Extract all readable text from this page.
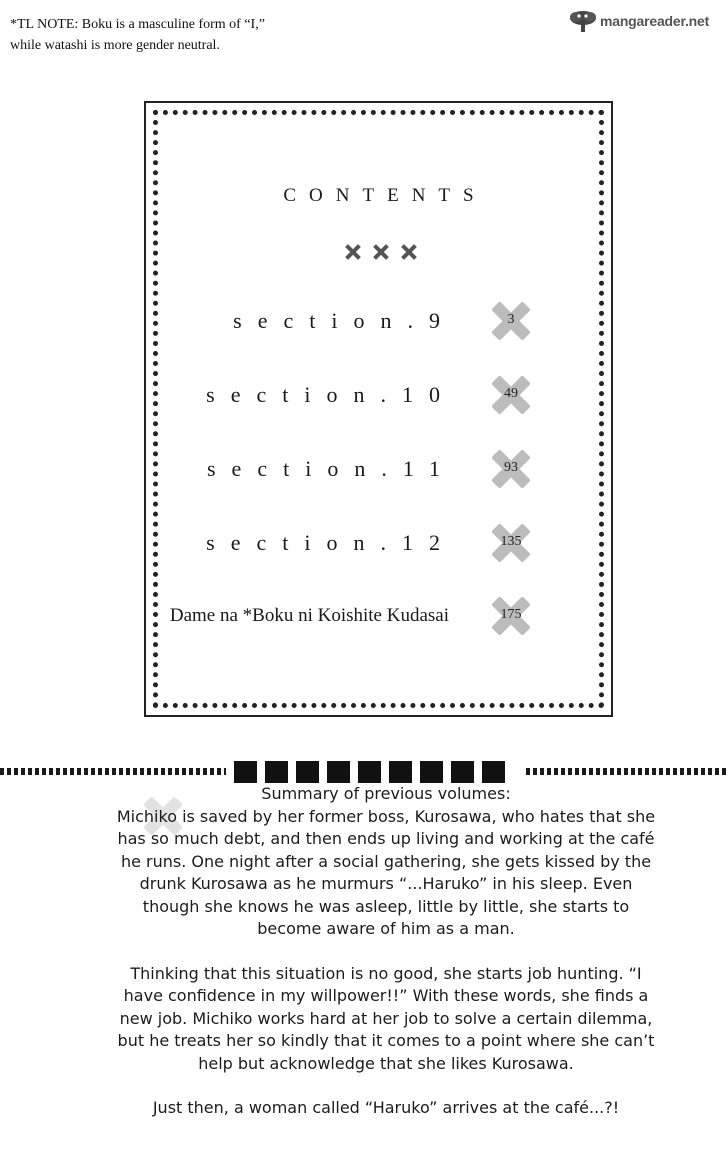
*TL NOTE: Boku is a masculine form of “I,”
while watashi is more gender neutral.
mangareader.net
CONTENTS
section.9	3
section.10	49
section.11	93
section.12	135
Dame na *Boku ni Koishite Kudasai	175

Summary of previous volumes:

Michiko is saved by her former boss, Kurosawa, who hates that she has so much debt, and then ends up living and working at the café he runs. One night after a social gathering, she gets kissed by the drunk Kurosawa as he murmurs “...Haruko” in his sleep. Even though she knows he was asleep, little by little, she starts to become aware of him as a man.

Thinking that this situation is no good, she starts job hunting. “I have confidence in my willpower!!” With these words, she finds a new job. Michiko works hard at her job to solve a certain dilemma, but he treats her so kindly that it comes to a point where she can’t help but acknowledge that she likes Kurosawa.

Just then, a woman called “Haruko” arrives at the café...?!
